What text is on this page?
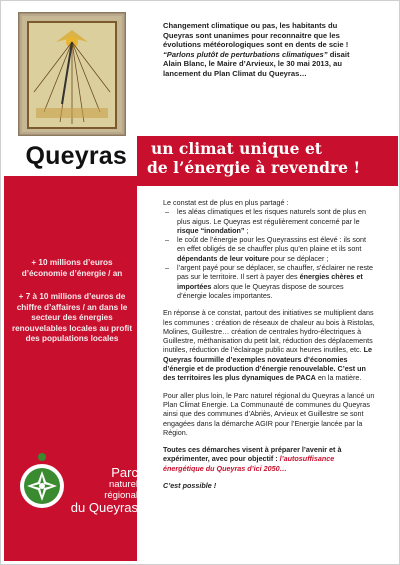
Queyras un climat unique et
de l’énergie à revendre !
Changement climatique ou pas, les habitants du Queyras sont unanimes pour reconnaitre que les évolutions météorologiques sont en dents de scie !
“Parlons plutôt de perturbations climatiques” disait Alain Blanc, le Maire d’Arvieux, le 30 mai 2013, au lancement du Plan Climat du Queyras…
+ 10 millions d’euros d’économie d’énergie / an
+ 7 à 10 millions d’euros de chiffre d’affaires / an dans le secteur des énergies renouvelables locales au profit des populations locales
Parc
naturel
régional
du Queyras

Le constat est de plus en plus partagé :

– les aléas climatiques et les risques naturels sont de plus en plus aigus. Le Queyras est régulièrement concerné par le risque “inondation” ;
– le coût de l’énergie pour les Queyrassins est élevé : ils sont en effet obligés de se chauffer plus qu’en plaine et ils sont dépendants de leur voiture pour se déplacer ;
– l’argent payé pour se déplacer, se chauffer, s’éclairer ne reste pas sur le territoire. Il sert à payer des énergies chères et importées alors que le Queyras dispose de sources d’énergie locales importantes.

En réponse à ce constat, partout des initiatives se multiplient dans les communes : création de réseaux de chaleur au bois à Ristolas, Molines, Guillestre… création de centrales hydro-électriques à Guillestre, méthanisation du petit lait, réduction des déplacements inutiles, réduction de l’éclairage public aux heures inutiles, etc. Le Queyras fourmille d’exemples novateurs d’économies d’énergie et de production d’énergie renouvelable. C’est un des territoires les plus dynamiques de PACA en la matière.

Pour aller plus loin, le Parc naturel régional du Queyras a lancé un Plan Climat Energie. La Communauté de communes du Queyras ainsi que des communes d’Abriès, Arvieux et Guillestre se sont engagées dans la démarche AGIR pour l’Energie lancée par la Région.

Toutes ces démarches visent à préparer l’avenir et à expérimenter, avec pour objectif : l’autosuffisance énergétique du Queyras d’ici 2050…

C’est possible !
